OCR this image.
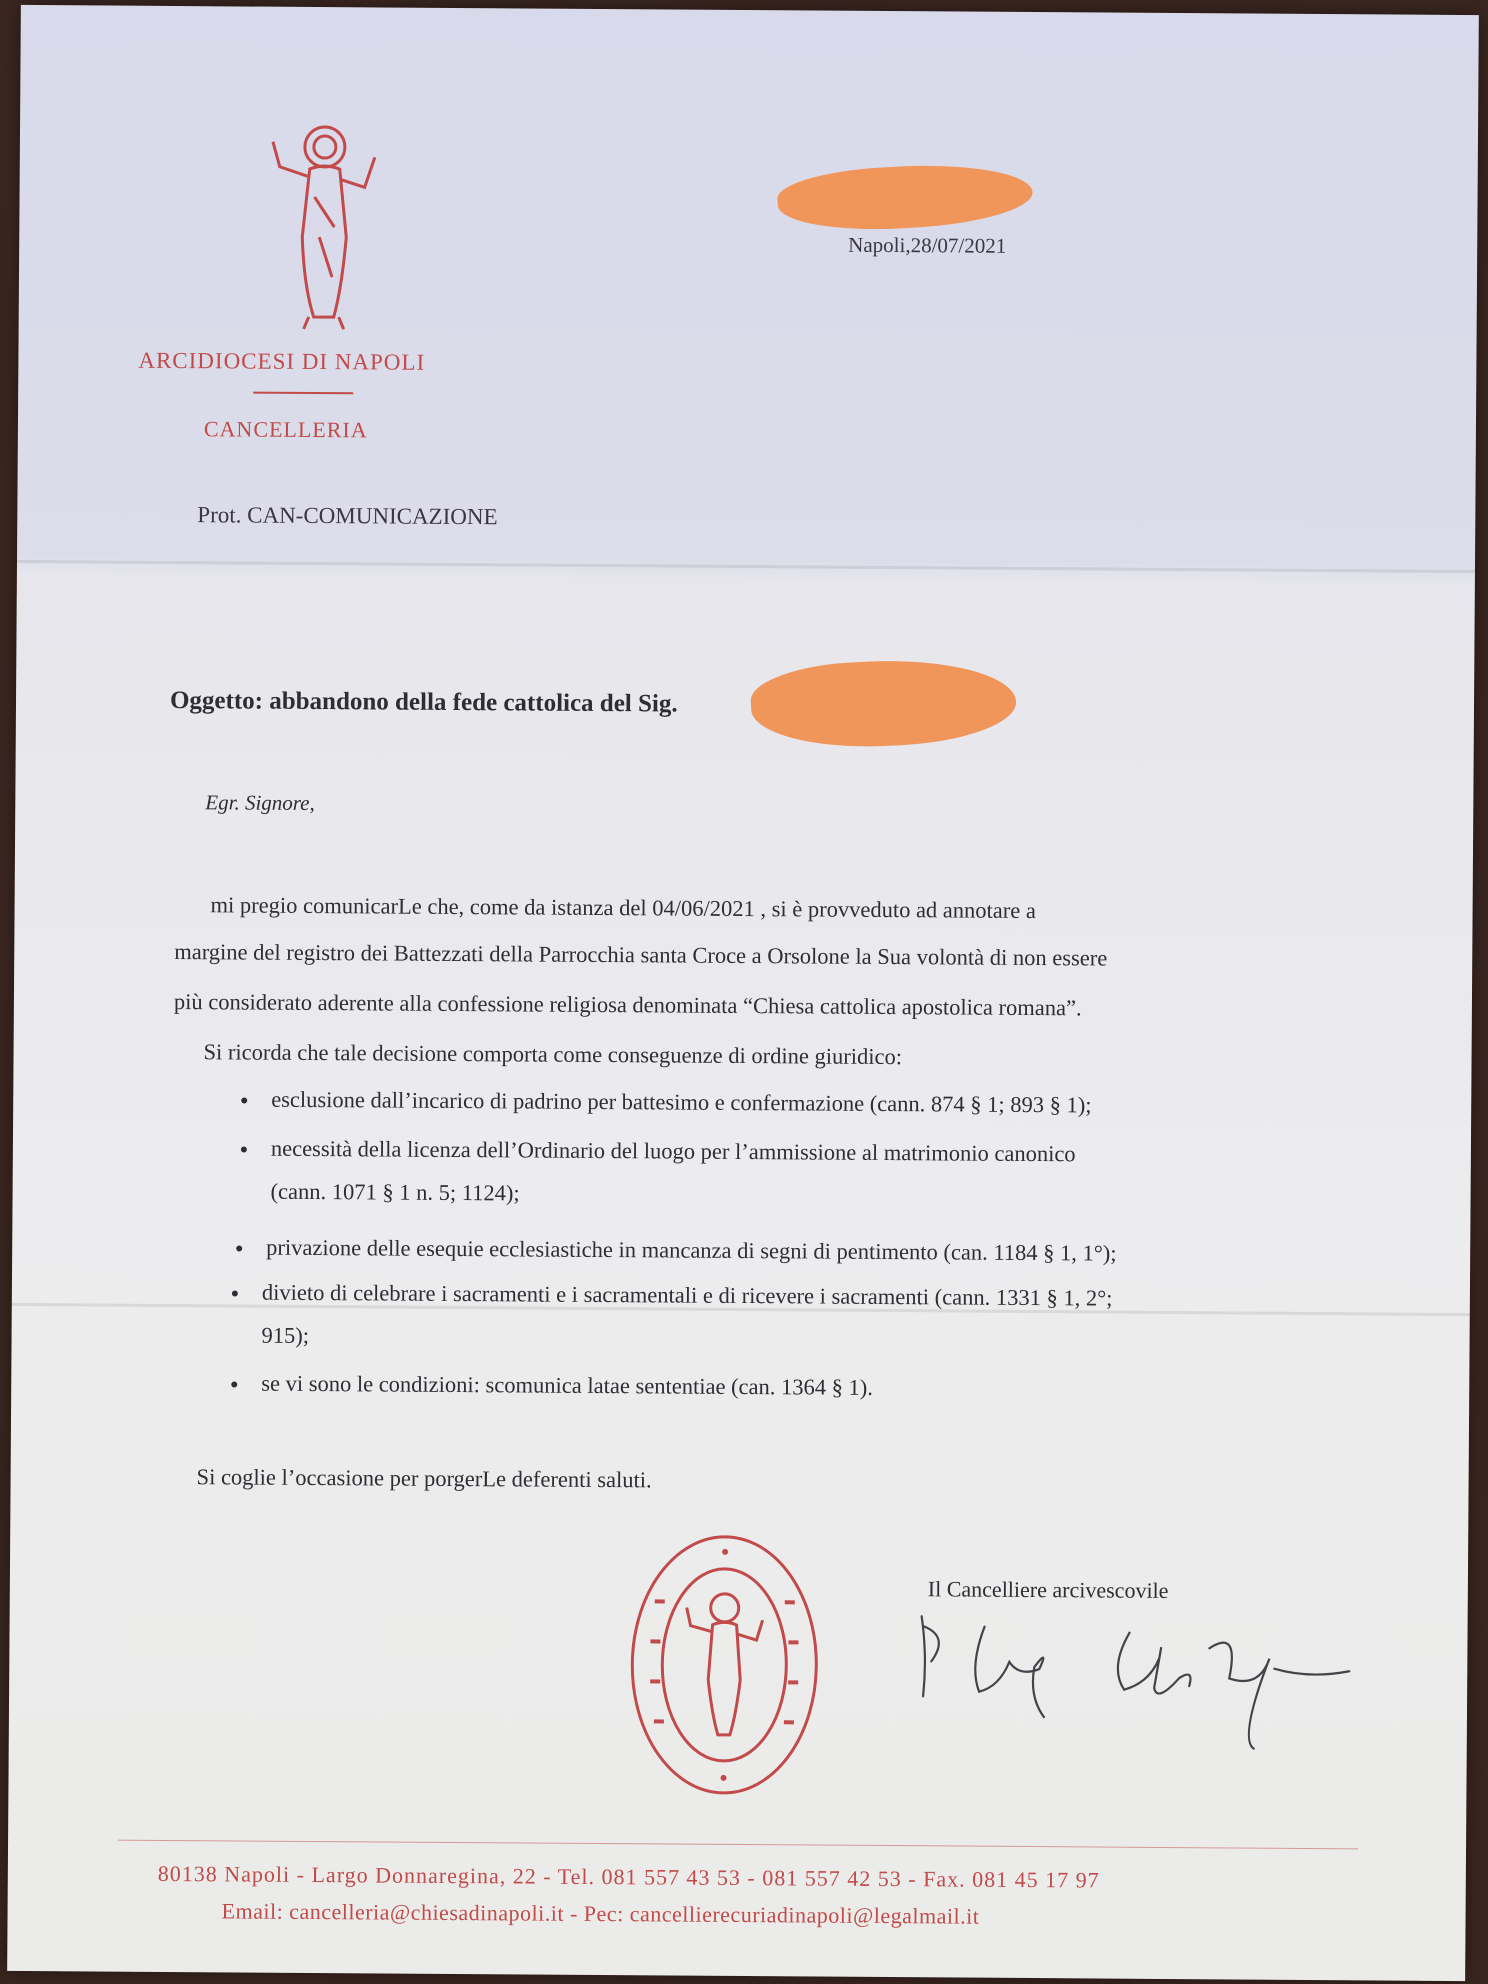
ARCIDIOCESI DI NAPOLI
CANCELLERIA
Prot. CAN-COMUNICAZIONE
Napoli,28/07/2021
Oggetto: abbandono della fede cattolica del Sig.
Egr. Signore,
mi pregio comunicarLe che, come da istanza del 04/06/2021 , si è provveduto ad annotare a
margine del registro dei Battezzati della Parrocchia santa Croce a Orsolone la Sua volontà di non essere
più considerato aderente alla confessione religiosa denominata “Chiesa cattolica apostolica romana”.
Si ricorda che tale decisione comporta come conseguenze di ordine giuridico:
esclusione dall’incarico di padrino per battesimo e confermazione (cann. 874 § 1; 893 § 1);
necessità della licenza dell’Ordinario del luogo per l’ammissione al matrimonio canonico
(cann. 1071 § 1 n. 5; 1124);
privazione delle esequie ecclesiastiche in mancanza di segni di pentimento (can. 1184 § 1, 1°);
divieto di celebrare i sacramenti e i sacramentali e di ricevere i sacramenti (cann. 1331 § 1, 2°;
915);
se vi sono le condizioni: scomunica latae sententiae (can. 1364 § 1).
Si coglie l’occasione per porgerLe deferenti saluti.
Il Cancelliere arcivescovile
80138 Napoli - Largo Donnaregina, 22 - Tel. 081 557 43 53 - 081 557 42 53 - Fax. 081 45 17 97
Email: cancelleria@chiesadinapoli.it - Pec: cancellierecuriadinapoli@legalmail.it
